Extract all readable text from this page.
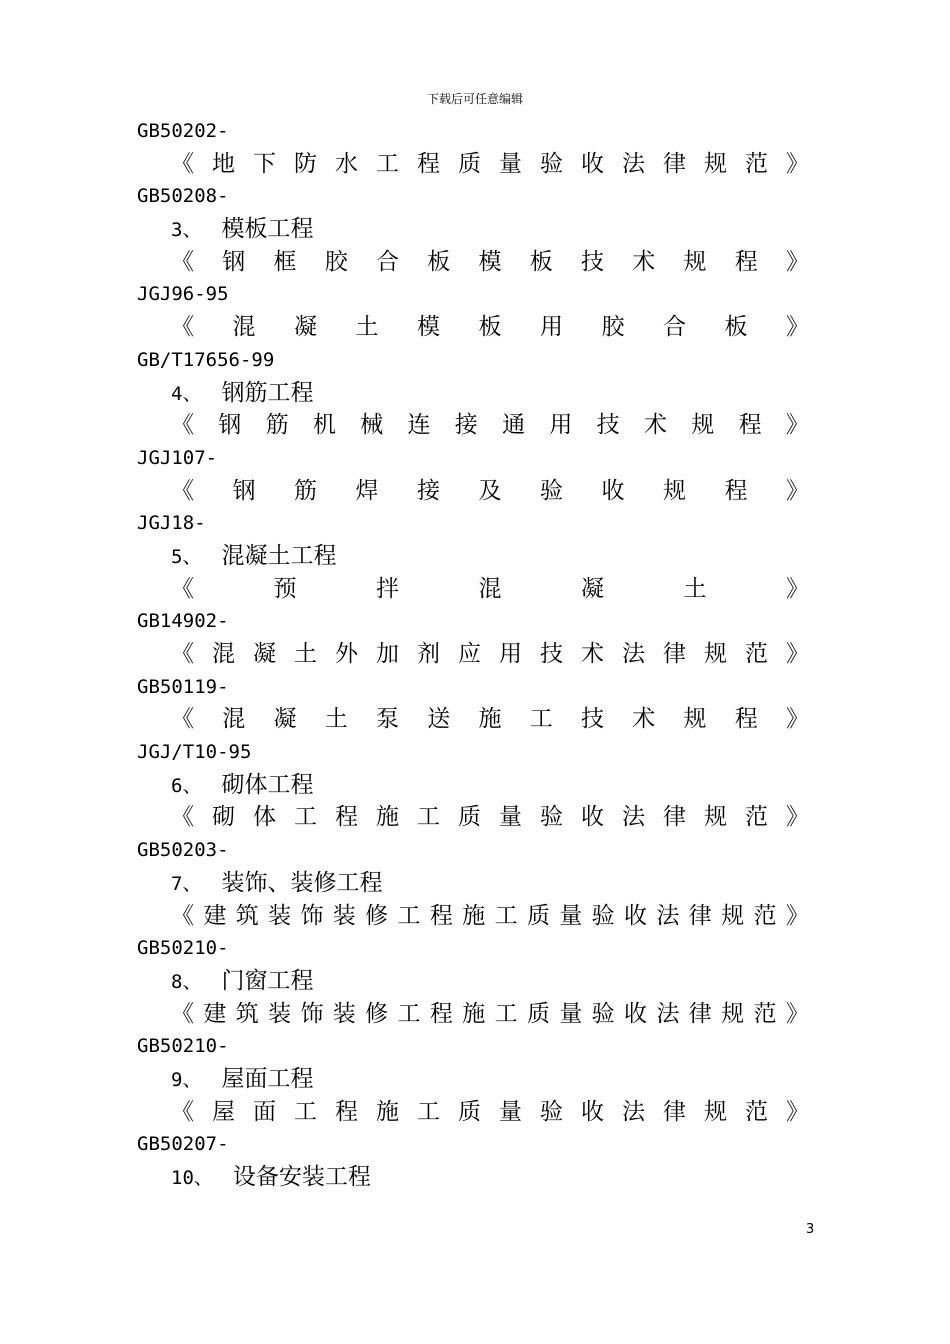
下载后可任意编辑
GB50202-
《 地 下 防 水 工 程 质 量 验 收 法 律 规 范 》
GB50208-
3、 模板工程
《 钢 框 胶 合 板 模 板 技 术 规 程 》
JGJ96-95
《 混 凝 土 模 板 用 胶 合 板 》
GB/T17656-99
4、 钢筋工程
《 钢 筋 机 械 连 接 通 用 技 术 规 程 》
JGJ107-
《 钢 筋 焊 接 及 验 收 规 程 》
JGJ18-
5、 混凝土工程
《	预	拌	混	凝	土	》
GB14902-
《 混 凝 土 外 加 剂 应 用 技 术 法 律 规 范 》
GB50119-
《 混 凝 土 泵 送 施 工 技 术 规 程 》
JGJ/T10-95
6、 砌体工程
《 砌 体 工 程 施 工 质 量 验 收 法 律 规 范 》
GB50203-
7、 装饰、装修工程
《 建 筑 装 饰 装 修 工 程 施 工 质 量 验 收 法 律 规 范 》
GB50210-
8、 门窗工程
《 建 筑 装 饰 装 修 工 程 施 工 质 量 验 收 法 律 规 范 》
GB50210-
9、 屋面工程
《 屋 面 工 程 施 工 质 量 验 收 法 律 规 范 》
GB50207-
10、 设备安装工程
3
